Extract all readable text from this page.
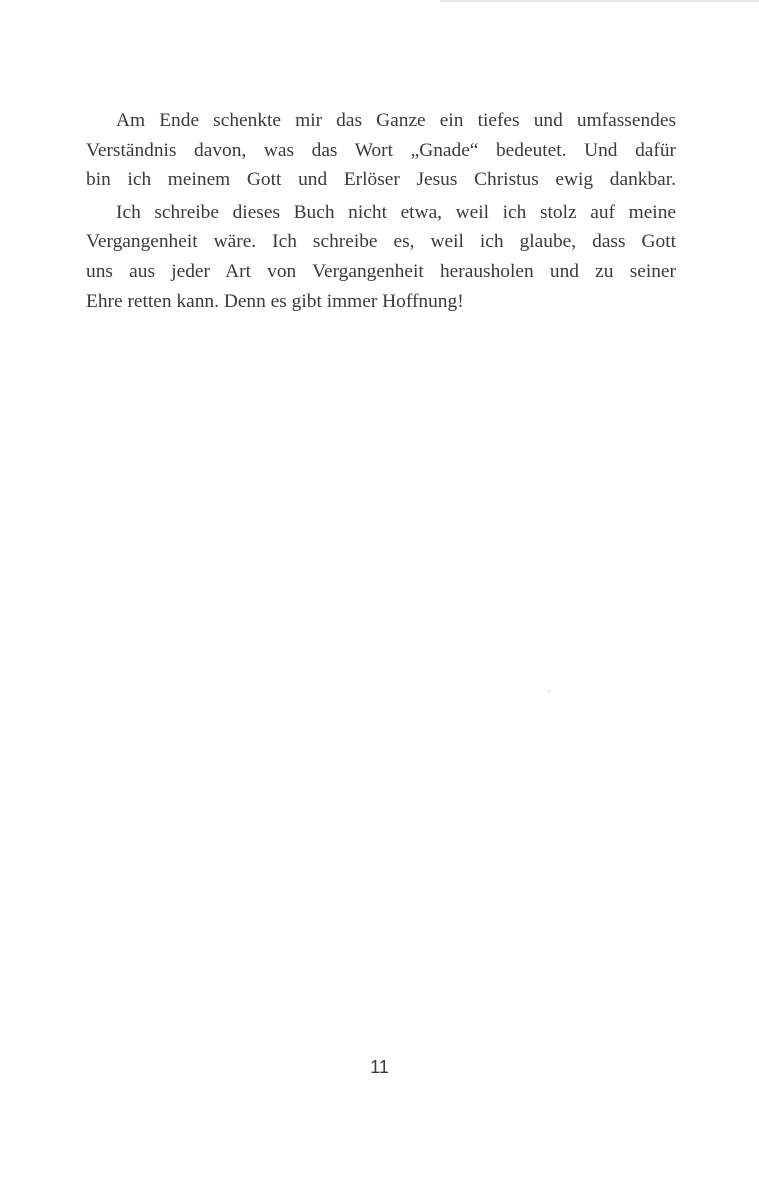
Am Ende schenkte mir das Ganze ein tiefes und umfassendes
Verständnis davon, was das Wort „Gnade“ bedeutet. Und dafür
bin ich meinem Gott und Erlöser Jesus Christus ewig dankbar.
Ich schreibe dieses Buch nicht etwa, weil ich stolz auf meine
Vergangenheit wäre. Ich schreibe es, weil ich glaube, dass Gott
uns aus jeder Art von Vergangenheit herausholen und zu seiner
Ehre retten kann. Denn es gibt immer Hoffnung!
11
